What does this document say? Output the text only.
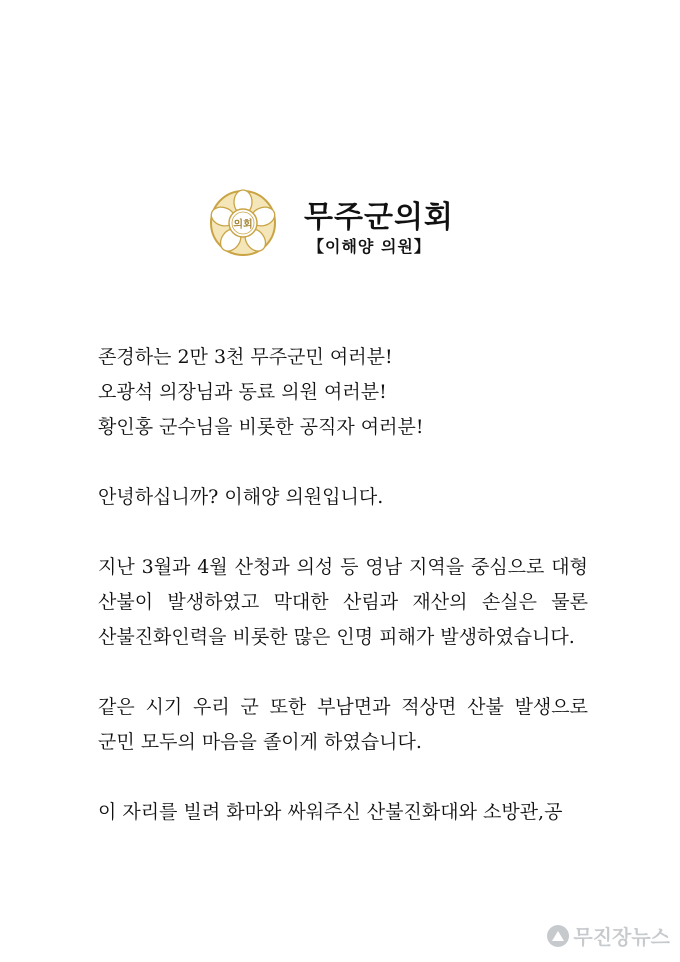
의회 무주군의회
【이해양 의원】

존경하는 2만 3천 무주군민 여러분!

오광석 의장님과 동료 의원 여러분!

황인홍 군수님을 비롯한 공직자 여러분!

안녕하십니까? 이해양 의원입니다.

지난 3월과 4월 산청과 의성 등 영남 지역을 중심으로 대형 산불이 발생하였고 막대한 산림과 재산의 손실은 물론 산불진화인력을 비롯한 많은 인명 피해가 발생하였습니다.

같은 시기 우리 군 또한 부남면과 적상면 산불 발생으로 군민 모두의 마음을 졸이게 하였습니다.

이 자리를 빌려 화마와 싸워주신 산불진화대와 소방관,공

무진장뉴스
